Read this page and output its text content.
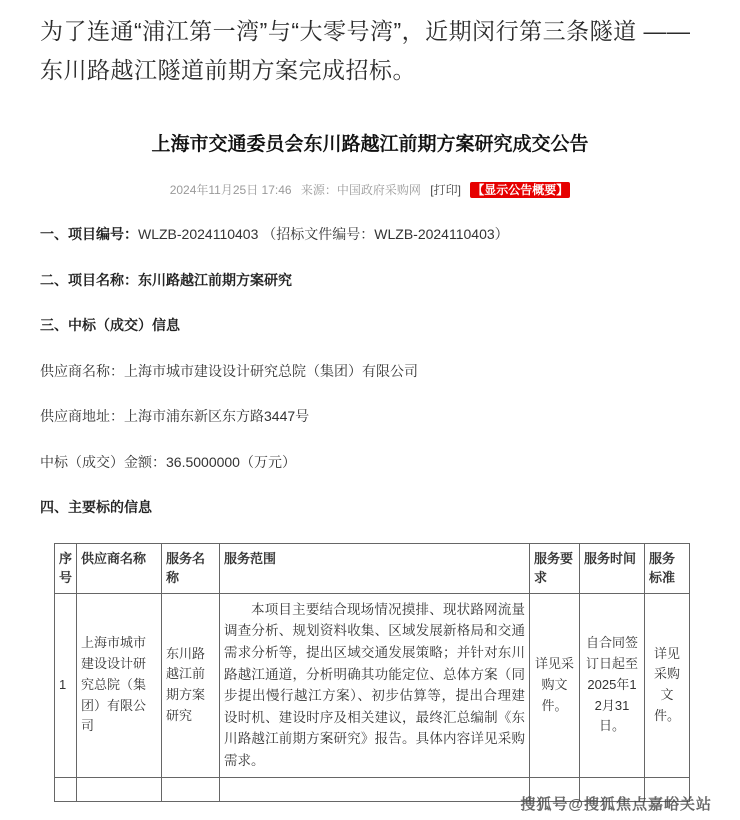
为了连通“浦江第一湾”与“大零号湾”，近期闵行第三条隧道 —— 东川路越江隧道前期方案完成招标。

上海市交通委员会东川路越江前期方案研究成交公告
2024年11月25日 17:46 来源：中国政府采购网 [打印] 【显示公告概要】

一、项目编号：WLZB-2024110403 （招标文件编号：WLZB-2024110403）

二、项目名称：东川路越江前期方案研究

三、中标（成交）信息

供应商名称：上海市城市建设设计研究总院（集团）有限公司

供应商地址：上海市浦东新区东方路3447号

中标（成交）金额：36.5000000（万元）

四、主要标的信息

序号	供应商名称	服务名称	服务范围	服务要求	服务时间	服务标准
1	上海市城市建设设计研究总院（集团）有限公司	东川路越江前期方案研究	本项目主要结合现场情况摸排、现状路网流量调查分析、规划资料收集、区域发展新格局和交通需求分析等，提出区域交通发展策略；并针对东川路越江通道，分析明确其功能定位、总体方案（同步提出慢行越江方案）、初步估算等，提出合理建设时机、建设时序及相关建议，最终汇总编制《东川路越江前期方案研究》报告。具体内容详见采购需求。	详见采购文件。	自合同签订日起至2025年12月31日。	详见采购文件。

搜狐号@搜狐焦点嘉峪关站
